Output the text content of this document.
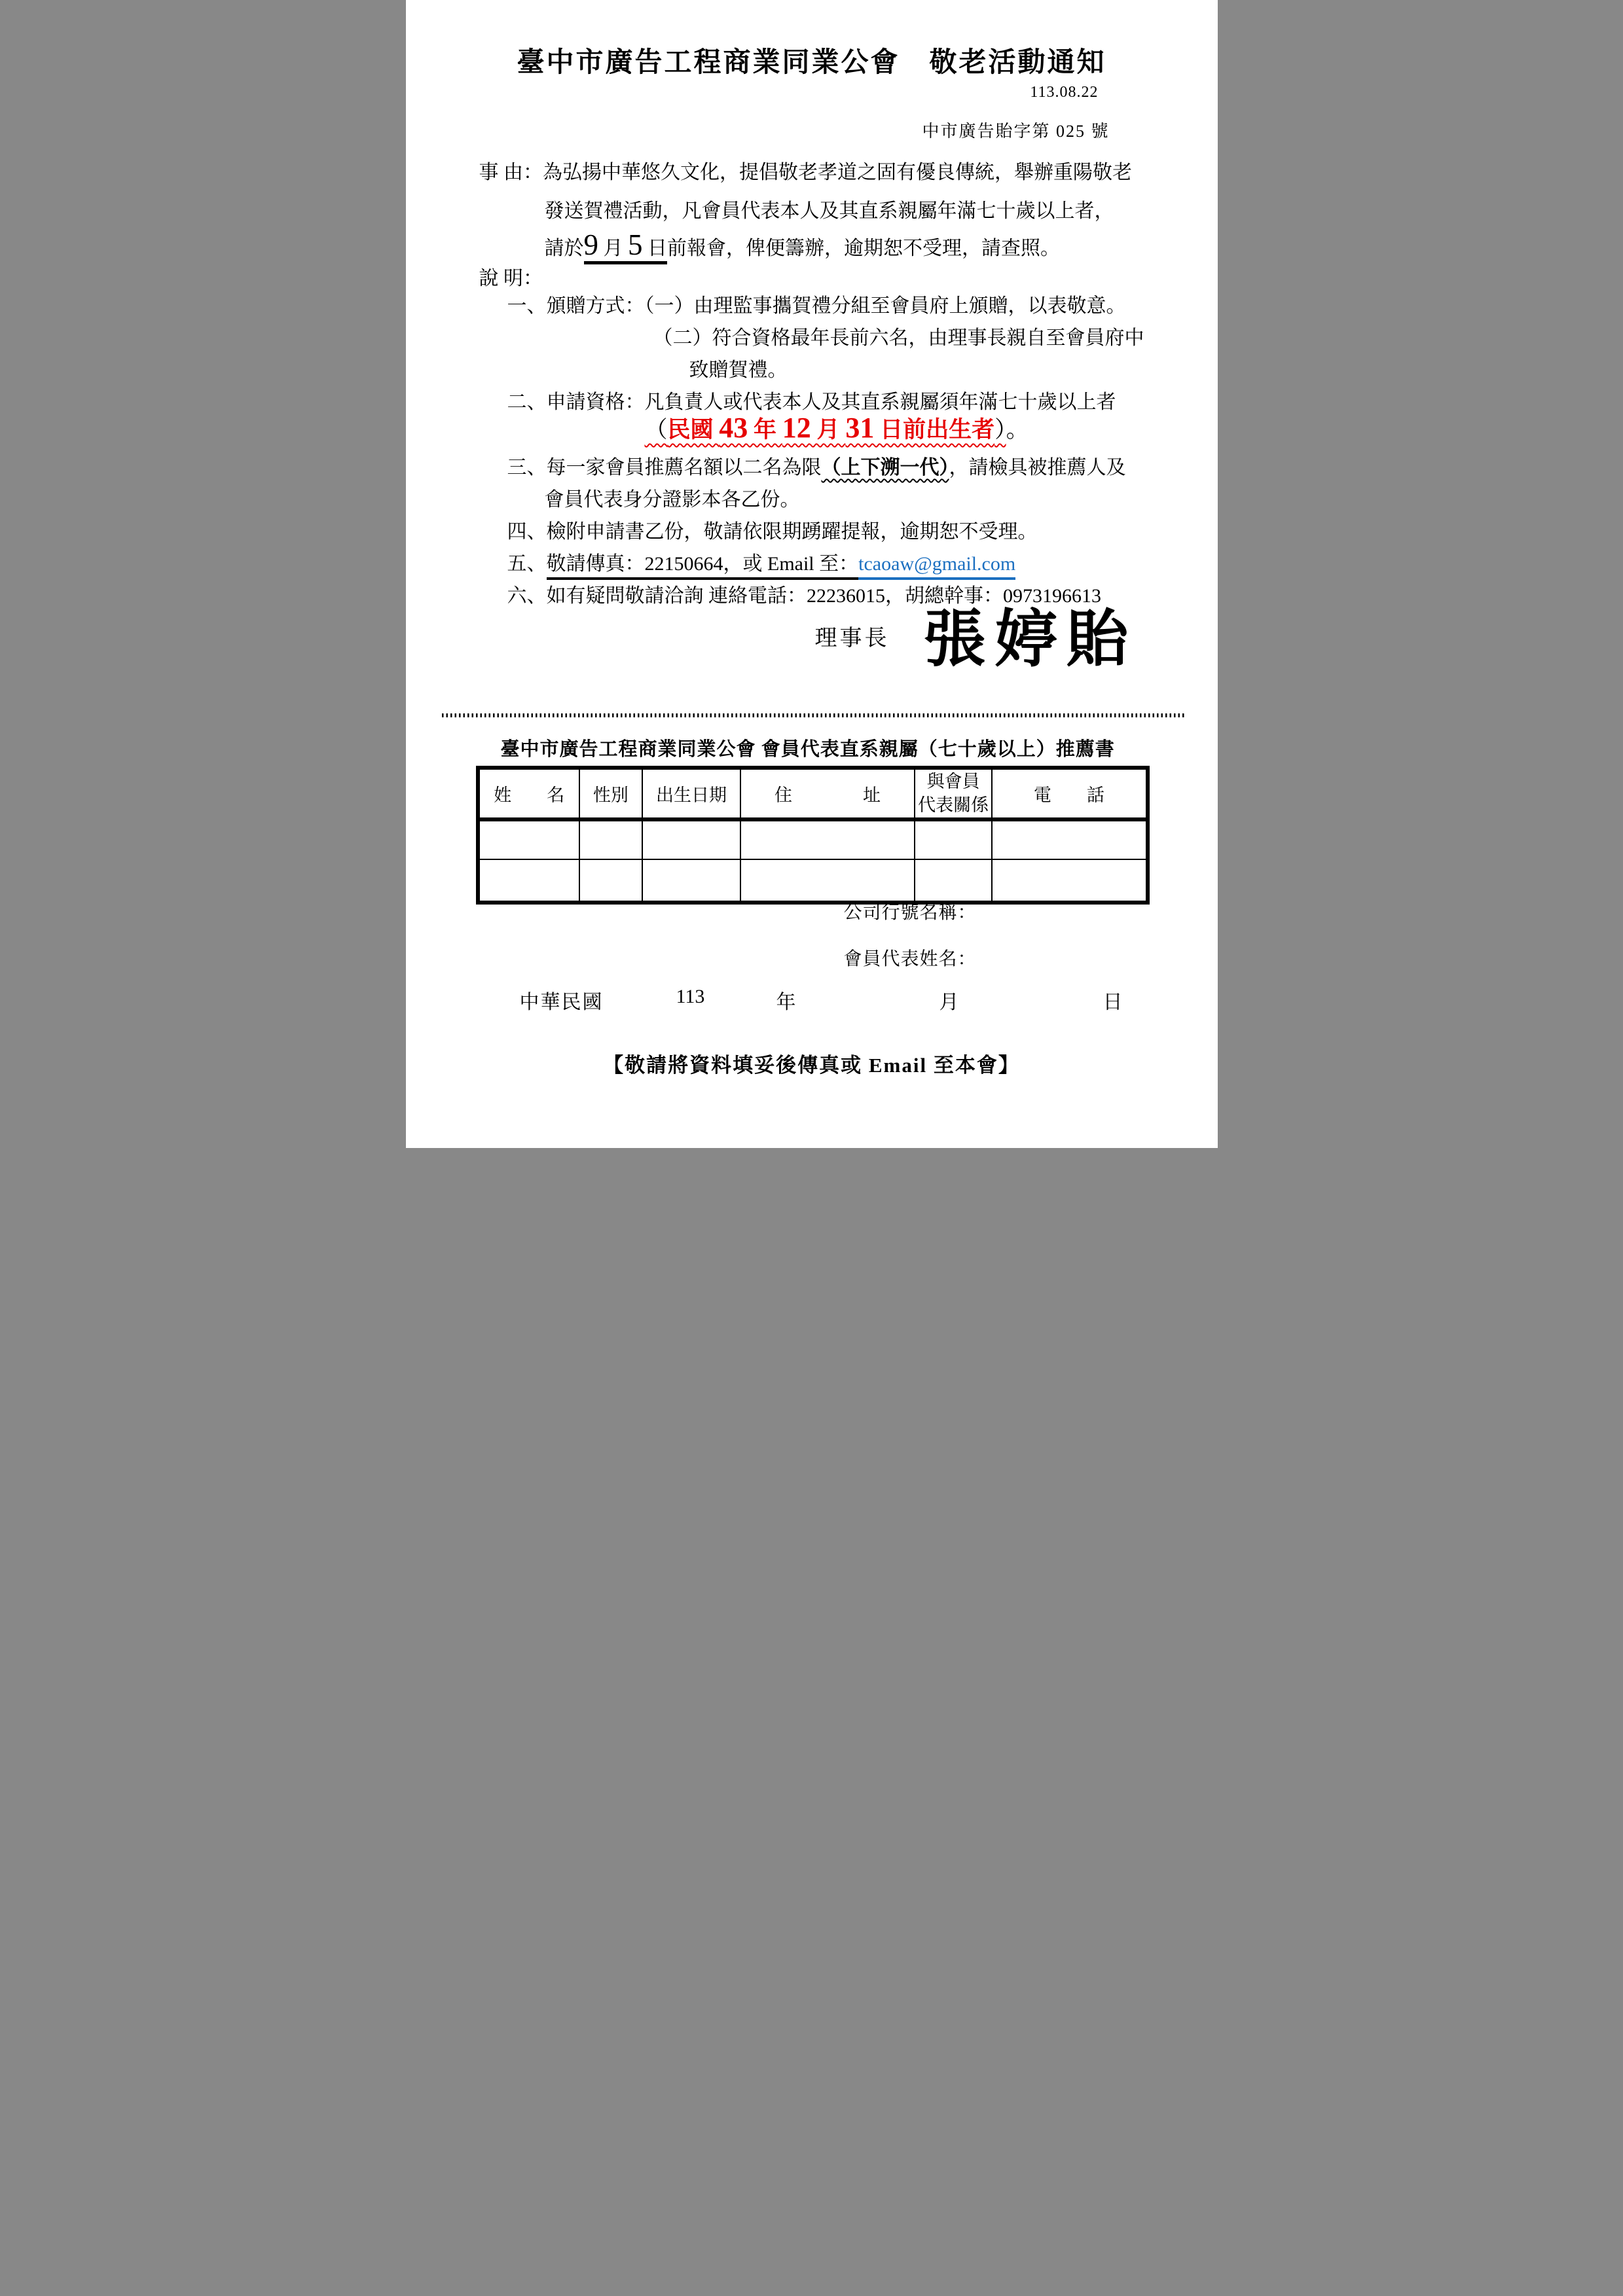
臺中市廣告工程商業同業公會　敬老活動通知
113.08.22
中市廣告貽字第 025 號
事 由：為弘揚中華悠久文化，提倡敬老孝道之固有優良傳統，舉辦重陽敬老
發送賀禮活動，凡會員代表本人及其直系親屬年滿七十歲以上者，
請於9 月 5 日前報會，俾便籌辦，逾期恕不受理，請查照。
說 明：
一、頒贈方式：（一）由理監事攜賀禮分組至會員府上頒贈，以表敬意。
（二）符合資格最年長前六名，由理事長親自至會員府中
致贈賀禮。
二、申請資格：凡負責人或代表本人及其直系親屬須年滿七十歲以上者
（民國 43 年 12 月 31 日前出生者）。
三、每一家會員推薦名額以二名為限（上下溯一代），請檢具被推薦人及
會員代表身分證影本各乙份。
四、檢附申請書乙份，敬請依限期踴躍提報，逾期恕不受理。
五、敬請傳真：22150664，或 Email 至：tcaoaw@gmail.com
六、如有疑問敬請洽詢 連絡電話：22236015，胡總幹事：0973196613
理事長 張婷貽
臺中市廣告工程商業同業公會 會員代表直系親屬（七十歲以上）推薦書
姓　　名	性別	出生日期	住　　　　址	與會員
代表關係	電　　話

公司行號名稱：
會員代表姓名：
中華民國	113	年	月	日
【敬請將資料填妥後傳真或 Email 至本會】
